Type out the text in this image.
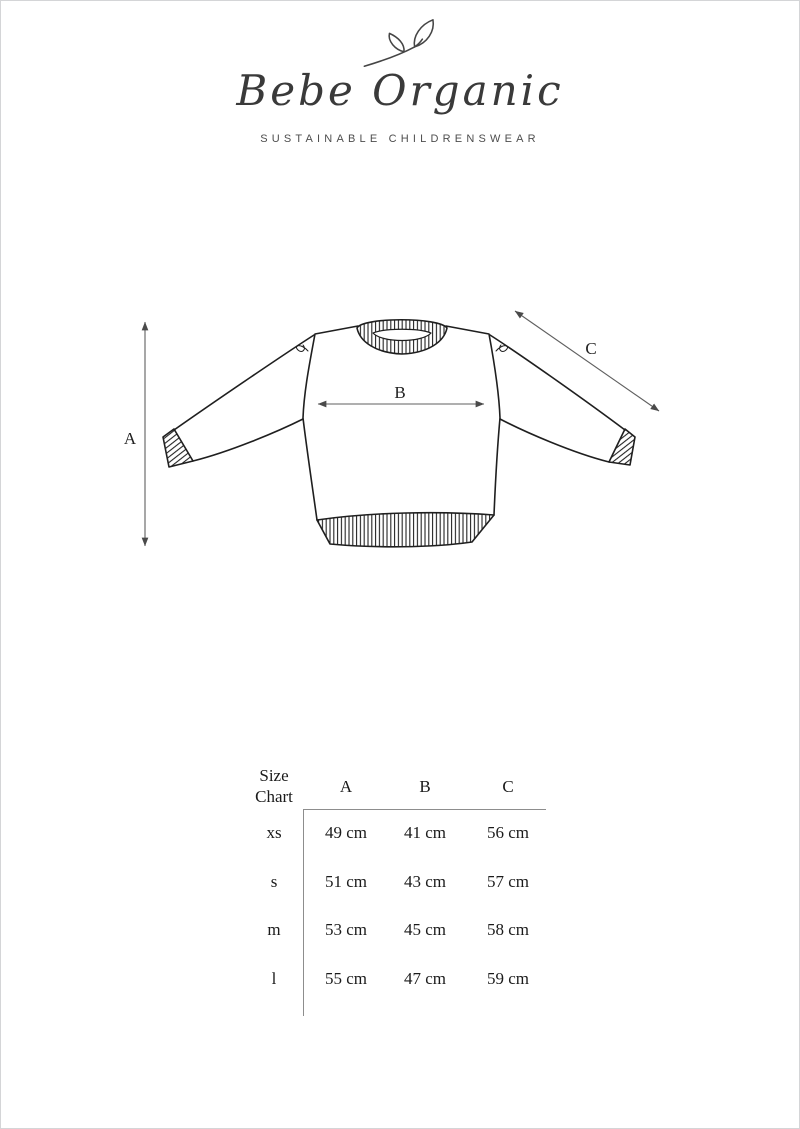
Bebe Organic
SUSTAINABLE CHILDRENSWEAR
A
B
C
Size Chart
A	B	C
xs	49 cm	41 cm	56 cm
s	51 cm	43 cm	57 cm
m	53 cm	45 cm	58 cm
l	55 cm	47 cm	59 cm
